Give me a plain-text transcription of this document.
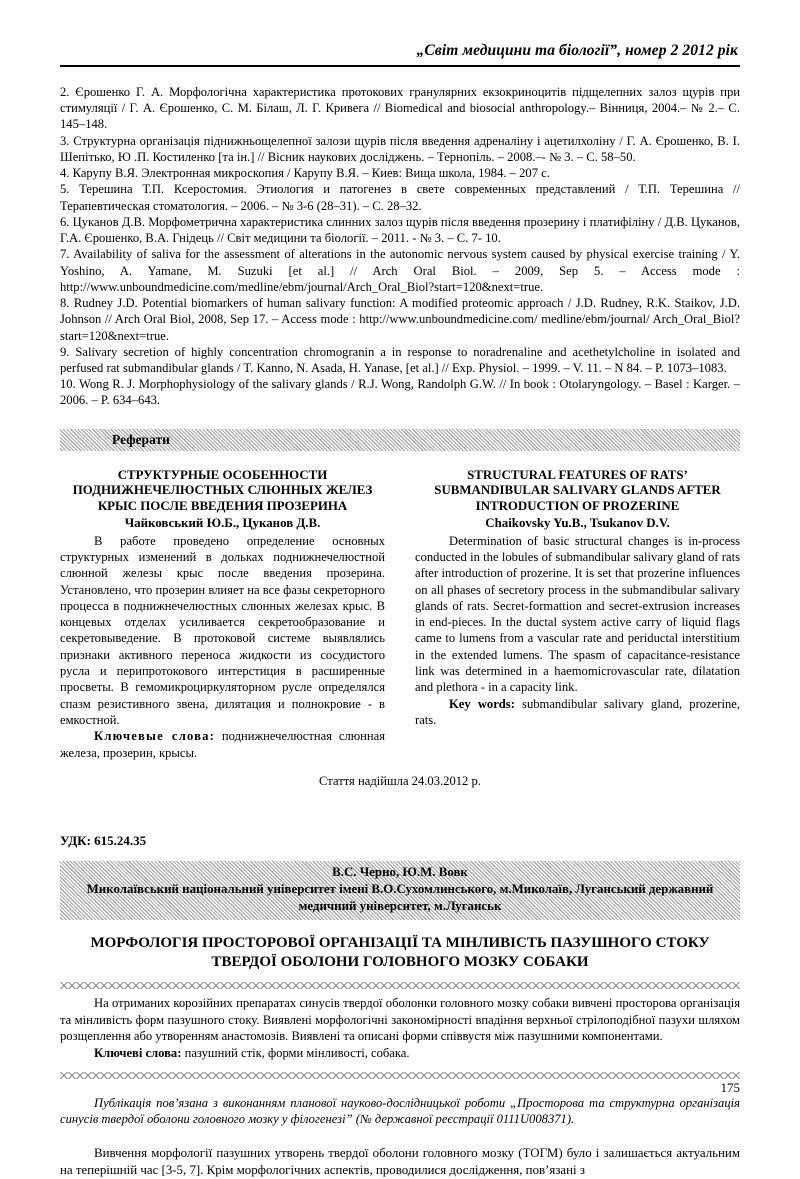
„Світ медицини та біології”, номер 2 2012 рік

2. Єрошенко Г. А. Морфологічна характеристика протокових гранулярних екзокриноцитів підщелепних залоз щурів при стимуляції / Г. А. Єрошенко, С. М. Білаш, Л. Г. Кривега // Biomedical and biosocial anthropology.– Вінниця, 2004.– № 2.– С. 145–148.

3. Структурна організація піднижньощелепної залози щурів після введення адреналіну і ацетилхоліну / Г. А. Єрошенко, В. І. Шепітько, Ю .П. Костиленко [та ін.] // Вісник наукових досліджень. – Тернопіль. – 2008.–- № 3. – С. 58–50.

4. Карупу В.Я. Электронная микроскопия / Карупу В.Я. – Киев: Вища школа, 1984. – 207 с.

5. Терешина Т.П. Ксеростомия. Этиология и патогенез в свете современных представлений / Т.П. Терешина // Терапевтическая стоматология. – 2006. – № 3-6 (28–31). – С. 28–32.

6. Цуканов Д.В. Морфометрична характеристика слинних залоз щурів після введення прозерину і платифіліну / Д.В. Цуканов, Г.А. Єрошенко, В.А. Гнідець // Світ медицини та біології. – 2011. - № 3. – С. 7- 10.

7. Availability of saliva for the assessment of alterations in the autonomic nervous system caused by physical exercise training / Y. Yoshino, A. Yamane, M. Suzuki [et al.] // Arch Oral Biol. – 2009, Sep 5. – Access mode : http://www.unboundmedicine.com/medline/ebm/journal/Arch_Oral_Biol?start=120&next=true.

8. Rudney J.D. Potential biomarkers of human salivary function: A modified proteomic approach / J.D. Rudney, R.K. Staikov, J.D. Johnson // Arch Oral Biol, 2008, Sep 17. – Access mode : http://www.unboundmedicine.com/ medline/ebm/journal/ Arch_Oral_Biol? start=120&next=true.

9. Salivary secretion of highly concentration chromogranin a in response to noradrenaline and acethetylcholine in isolated and perfused rat submandibular glands / T. Kanno, N. Asada, H. Yanase, [et al.] // Exp. Physiol. – 1999. – V. 11. – N 84. – P. 1073–1083.

10. Wong R. J. Morphophysiology of the salivary glands / R.J. Wong, Randolph G.W. // In book : Otolaryngology. – Basel : Karger. – 2006. – P. 634–643.

Реферати
СТРУКТУРНЫЕ ОСОБЕННОСТИ ПОДНИЖНЕЧЕЛЮСТНЫХ СЛЮННЫХ ЖЕЛЕЗ КРЫС ПОСЛЕ ВВЕДЕНИЯ ПРОЗЕРИНА
Чайковський Ю.Б., Цуканов Д.В.
В работе проведено определение основных структурных изменений в дольках поднижнечелюстной слюнной железы крыс после введения прозерина. Установлено, что прозерин влияет на все фазы секреторного процесса в поднижнечелюстных слюнных железах крыс. В концевых отделах усиливается секретообразование и секретовыведение. В протоковой системе выявлялись признаки активного переноса жидкости из сосудистого русла и перипротокового интерстиция в расширенные просветы. В гемомикроциркуляторном русле определялся спазм резистивного звена, дилятация и полнокровие - в емкостной.
Ключевые слова: поднижнечелюстная слюнная железа, прозерин, крысы.
STRUCTURAL FEATURES OF RATS’ SUBMANDIBULAR SALIVARY GLANDS AFTER INTRODUCTION OF PROZERINE
Chaikovsky Yu.B., Tsukanov D.V.
Determination of basic structural changes is in-process conducted in the lobules of submandibular salivary gland of rats after introduction of prozerine. It is set that prozerine influences on all phases of secretory process in the submandibular salivary glands of rats. Secret-formattion and secret-extrusion increases in end-pieces. In the ductal system active carry of liquid flags came to lumens from a vascular rate and periductal interstitium in the extended lumens. The spasm of capacitance-resistance link was determined in a haemomicrovascular rate, dilatation and plethora - in a capacity link.
Key words: submandibular salivary gland, prozerine, rats.
Стаття надійшла 24.03.2012 р.
УДК: 615.24.35
В.С. Черно, Ю.М. Вовк
Миколаївський національний університет імені В.О.Сухомлинського, м.Миколаїв, Луганський державний медичний університет, м.Луганськ
МОРФОЛОГІЯ ПРОСТОРОВОЇ ОРГАНІЗАЦІЇ ТА МІНЛИВІСТЬ ПАЗУШНОГО СТОКУ ТВЕРДОЇ ОБОЛОНИ ГОЛОВНОГО МОЗКУ СОБАКИ
На отриманих корозійних препаратах синусів твердої оболонки головного мозку собаки вивчені просторова організація та мінливість форм пазушного стоку. Виявлені морфологічні закономірності впадіння верхньої стрілоподібної пазухи шляхом розщеплення або утворенням анастомозів. Виявлені та описані форми співвустя між пазушними компонентами.
Ключеві слова: пазушний стік, форми мінливості, собака.
Публікація пов’язана з виконанням планової науково-дослідницької роботи „Просторова та структурна організація синусів твердої оболони головного мозку у філогенезі” (№ державної реєстрації 0111U008371).
Вивчення морфології пазушних утворень твердої оболони головного мозку (ТОГМ) було і залишається актуальним на теперішній час [3-5, 7]. Крім морфологічних аспектів, проводилися дослідження, пов’язані з
175
